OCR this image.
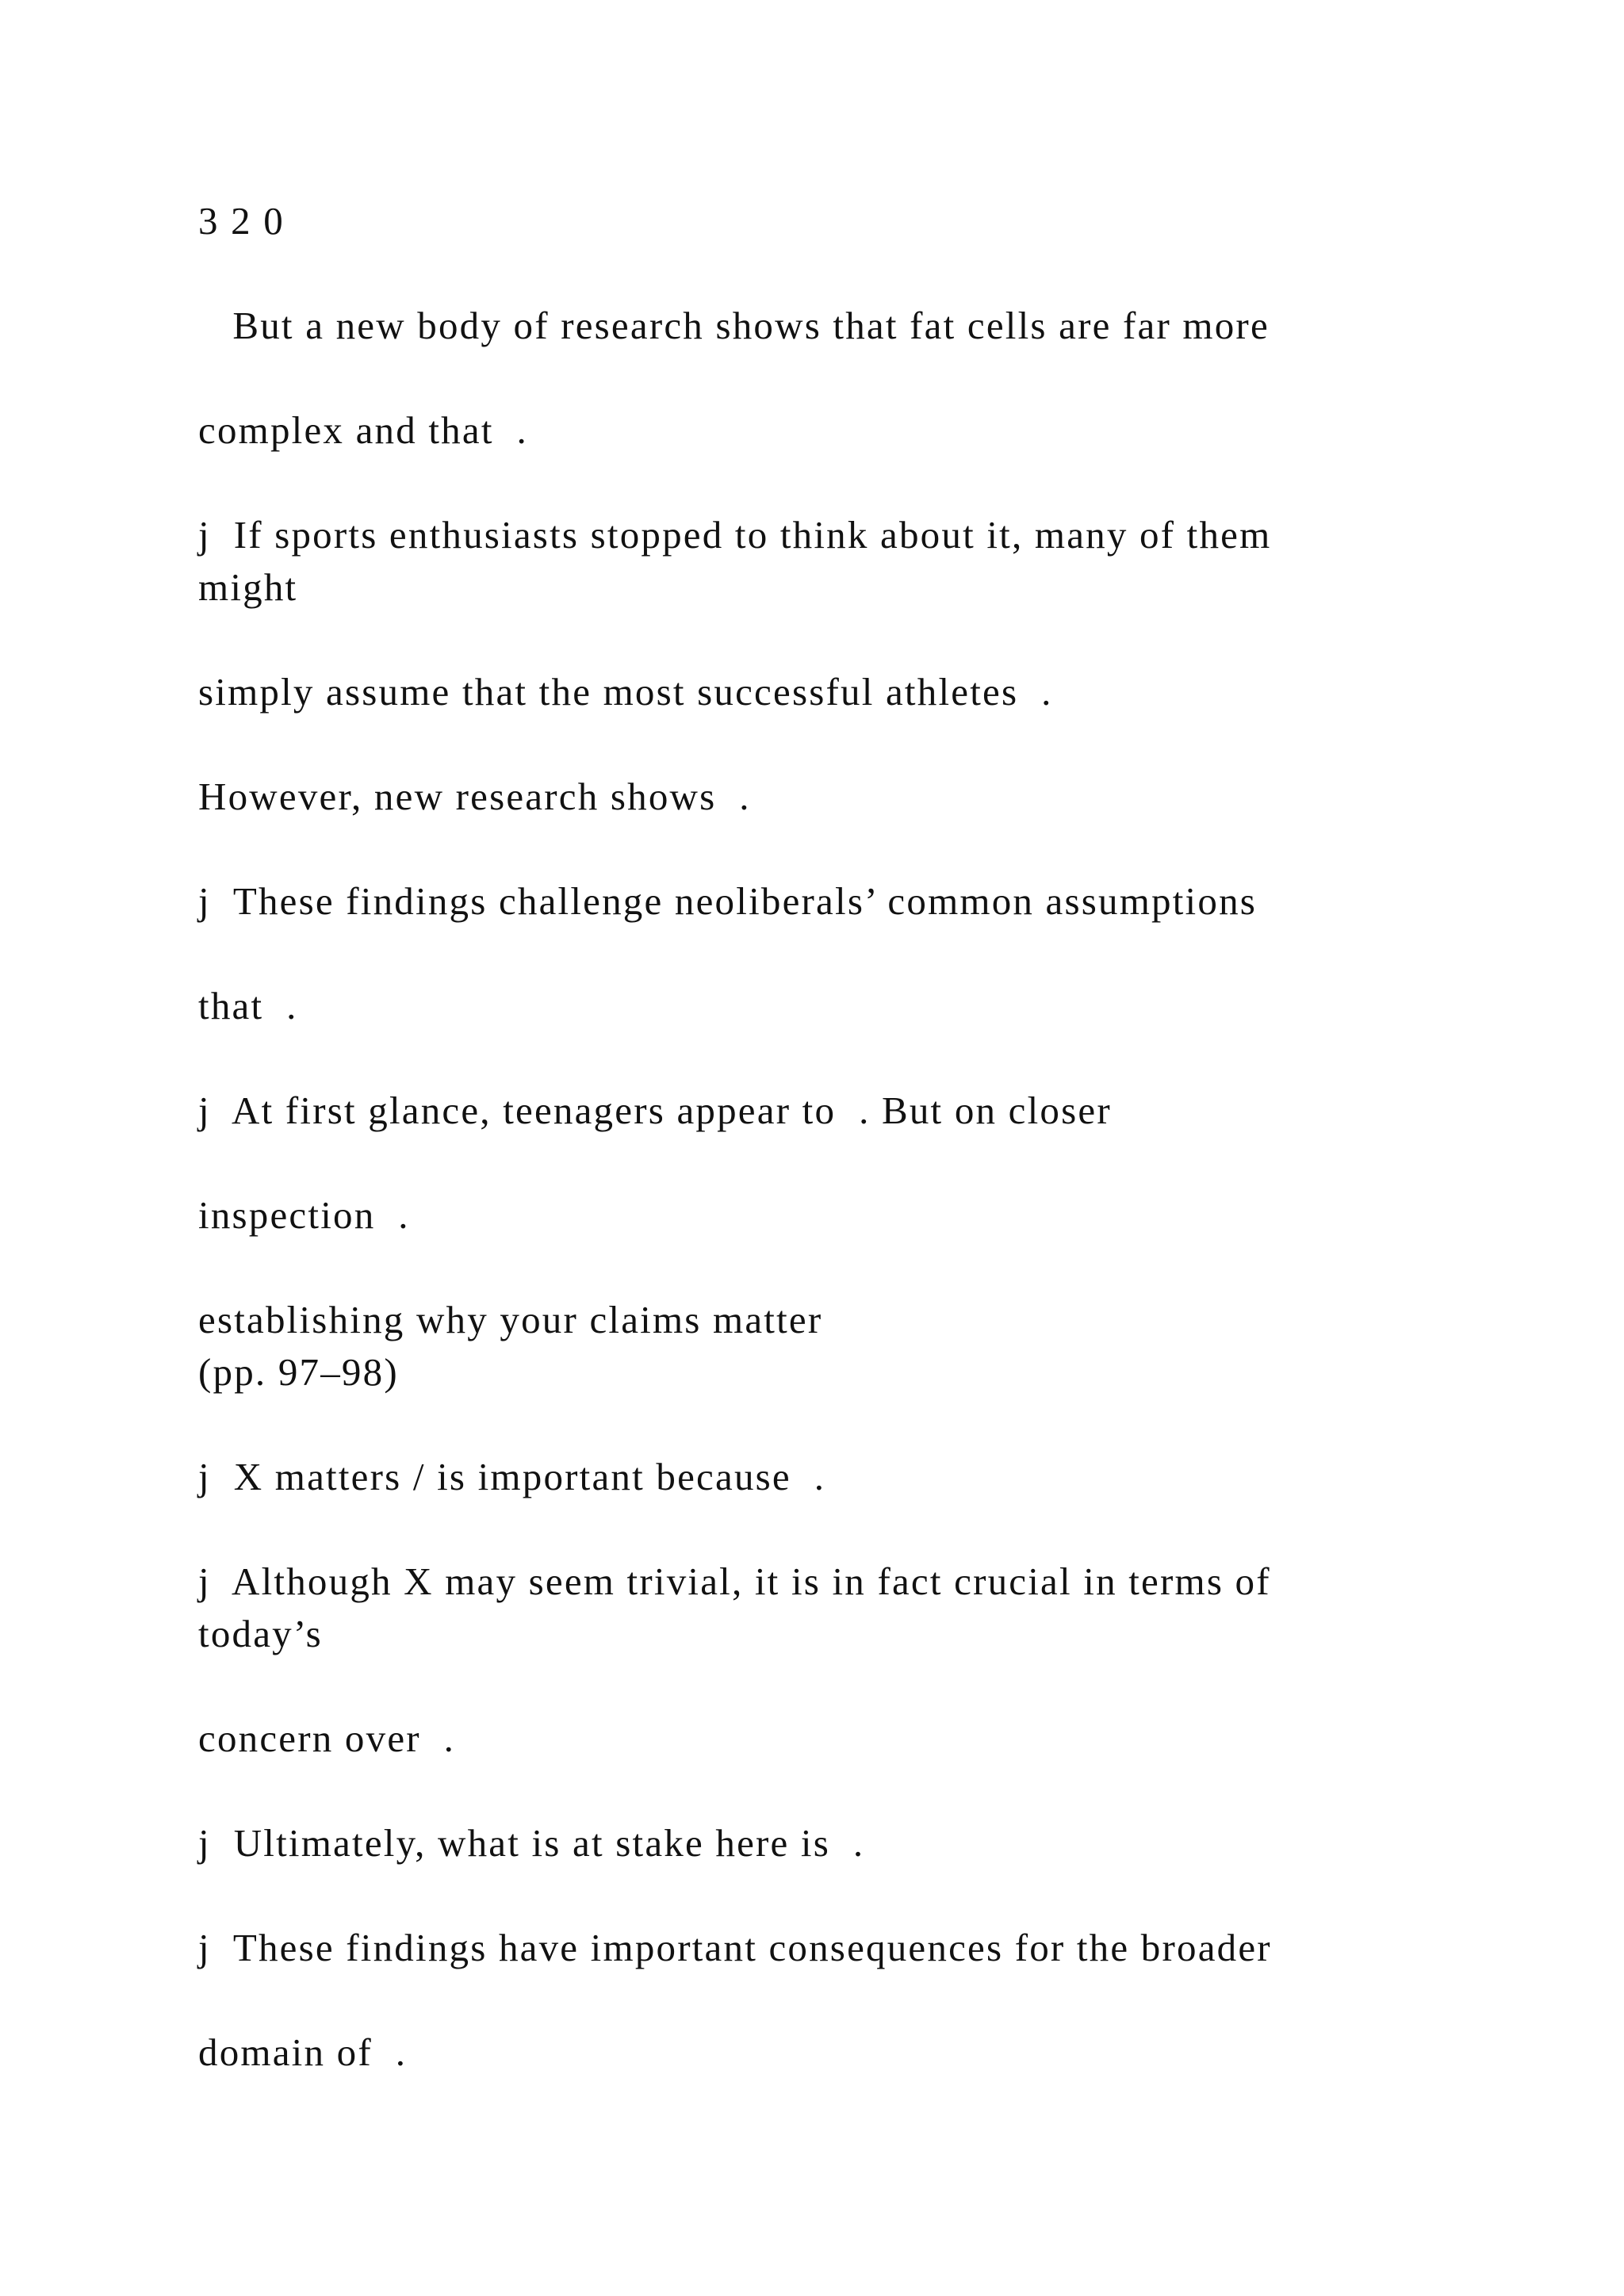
3 2 0

But a new body of research shows that fat cells are far more

complex and that  .

j  If sports enthusiasts stopped to think about it, many of them

might

simply assume that the most successful athletes  .

However, new research shows  .

j  These findings challenge neoliberals’ common assumptions

that  .

j  At first glance, teenagers appear to  . But on closer

inspection  .

establishing why your claims matter

(pp. 97–98)

j  X matters / is important because  .

j  Although X may seem trivial, it is in fact crucial in terms of

today’s

concern over  .

j  Ultimately, what is at stake here is  .

j  These findings have important consequences for the broader

domain of  .
